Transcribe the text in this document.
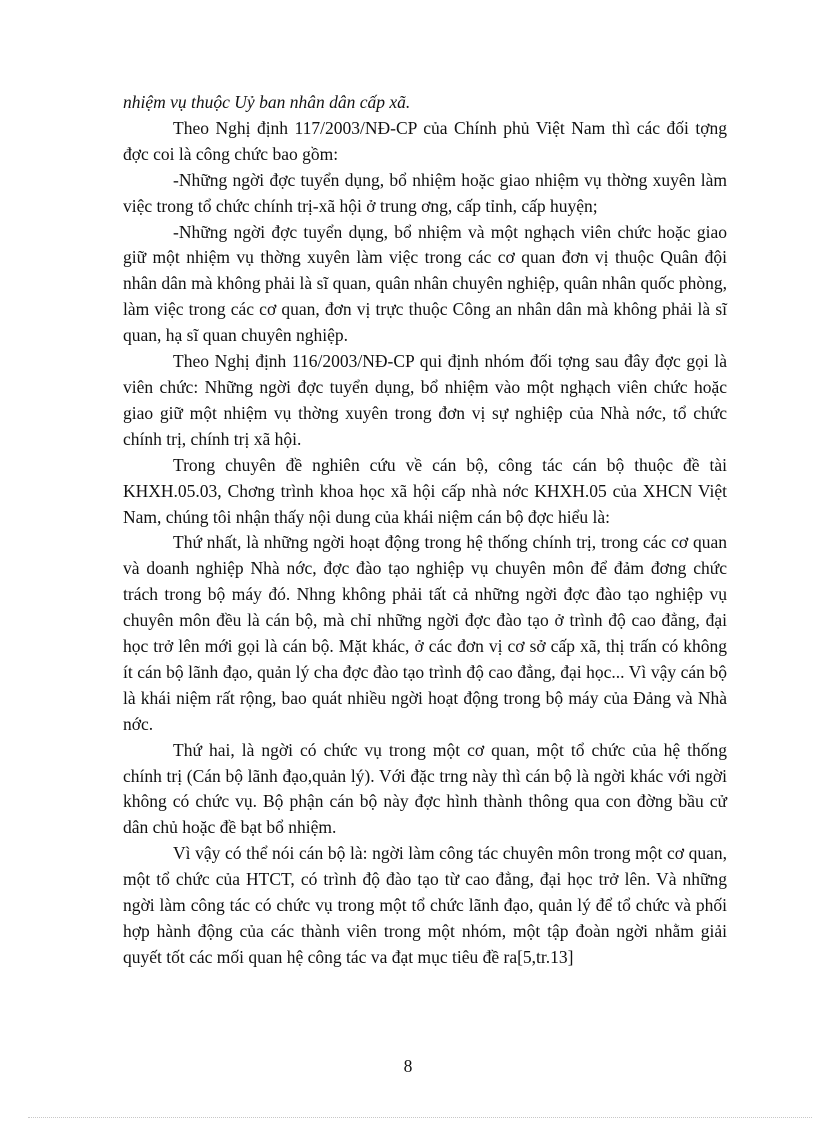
nhiệm vụ thuộc Uỷ ban nhân dân cấp xã.

Theo Nghị định 117/2003/NĐ-CP của Chính phủ Việt Nam thì các đối tợng đợc coi là công chức bao gồm:

-Những ngời đợc tuyển dụng, bổ nhiệm hoặc giao nhiệm vụ thờng xuyên làm việc trong tổ chức chính trị-xã hội ở trung ơng, cấp tỉnh, cấp huyện;

-Những ngời đợc tuyển dụng, bổ nhiệm và một nghạch viên chức hoặc giao giữ một nhiệm vụ thờng xuyên làm việc trong các cơ quan đơn vị thuộc Quân đội nhân dân mà không phải là sĩ quan, quân nhân chuyên nghiệp, quân nhân quốc phòng, làm việc trong các cơ quan, đơn vị trực thuộc Công an nhân dân mà không phải là sĩ quan, hạ sĩ quan chuyên nghiệp.

Theo Nghị định 116/2003/NĐ-CP qui định nhóm đối tợng sau đây đợc gọi là viên chức: Những ngời đợc tuyển dụng, bổ nhiệm vào một nghạch viên chức hoặc giao giữ một nhiệm vụ thờng xuyên trong đơn vị sự nghiệp của Nhà nớc, tổ chức chính trị, chính trị xã hội.

Trong chuyên đề nghiên cứu về cán bộ, công tác cán bộ thuộc đề tài KHXH.05.03, Chơng trình khoa học xã hội cấp nhà nớc KHXH.05 của XHCN Việt Nam, chúng tôi nhận thấy nội dung của khái niệm cán bộ đợc hiểu là:

Thứ nhất, là những ngời hoạt động trong hệ thống chính trị, trong các cơ quan và doanh nghiệp Nhà nớc, đợc đào tạo nghiệp vụ chuyên môn để đảm đơng chức trách trong bộ máy đó. Nhng không phải tất cả những ngời đợc đào tạo nghiệp vụ chuyên môn đều là cán bộ, mà chỉ những ngời đợc đào tạo ở trình độ cao đẳng, đại học trở lên mới gọi là cán bộ. Mặt khác, ở các đơn vị cơ sở cấp xã, thị trấn có không ít cán bộ lãnh đạo, quản lý cha đợc đào tạo trình độ cao đẳng, đại học... Vì vậy cán bộ là khái niệm rất rộng, bao quát nhiều ngời hoạt động trong bộ máy của Đảng và Nhà nớc.

Thứ hai, là ngời có chức vụ trong một cơ quan, một tổ chức của hệ thống chính trị (Cán bộ lãnh đạo,quản lý). Với đặc trng này thì cán bộ là ngời khác với ngời không có chức vụ. Bộ phận cán bộ này đợc hình thành thông qua con đờng bầu cử dân chủ hoặc đề bạt bổ nhiệm.

Vì vậy có thể nói cán bộ là: ngời làm công tác chuyên môn trong một cơ quan, một tổ chức của HTCT, có trình độ đào tạo từ cao đẳng, đại học trở lên. Và những ngời làm công tác có chức vụ trong một tổ chức lãnh đạo, quản lý để tổ chức và phối hợp hành động của các thành viên trong một nhóm, một tập đoàn ngời nhằm giải quyết tốt các mối quan hệ công tác va đạt mục tiêu đề ra[5,tr.13]

8
